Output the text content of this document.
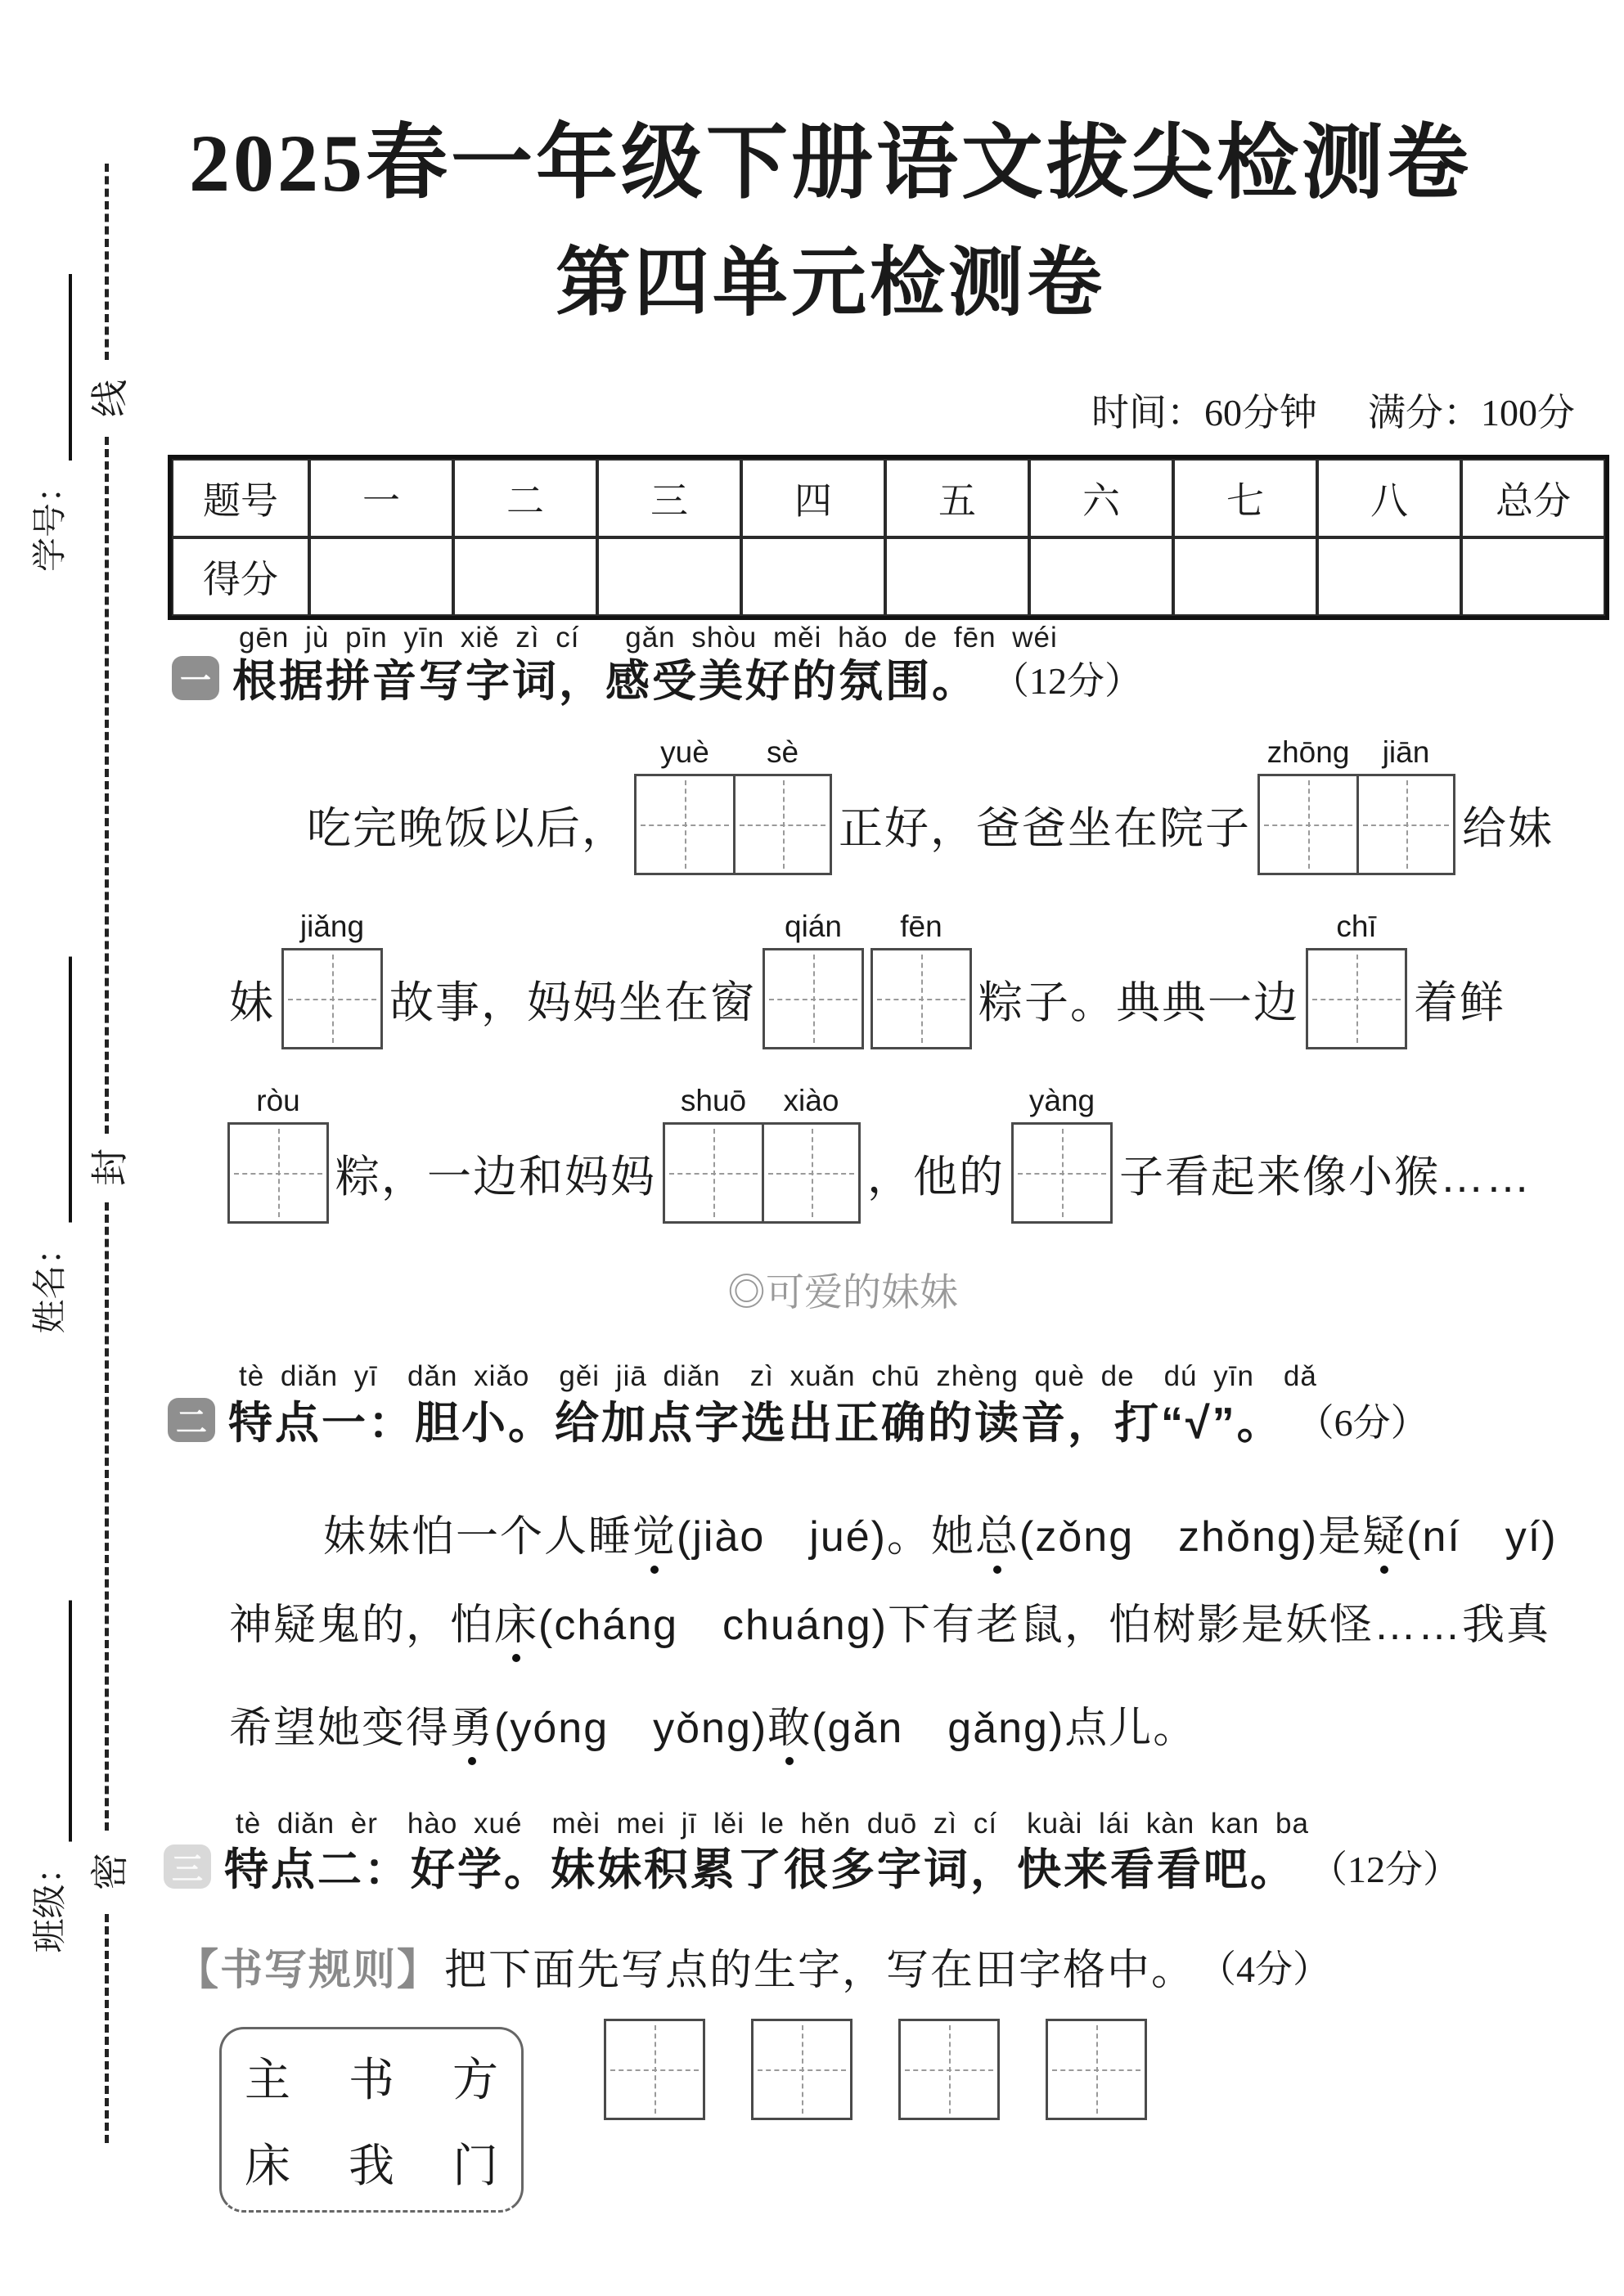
线
封
密
学号：
姓名：
班级：
2025春一年级下册语文拔尖检测卷
第四单元检测卷
时间：60分钟 满分：100分
题号	一	二	三	四	五	六	七	八	总分
得分
gēn jù pīn yīn xiě zì cí　 gǎn shòu měi hǎo de fēn wéi
一 根据拼音写字词，感受美好的氛围。 （12分）
吃完晚饭以后，
yuè sè
正好，爸爸坐在院子
zhōng jiān
给妹
妹
jiǎng
故事，妈妈坐在窗
qián fēn
粽子。典典一边
chī
着鲜
ròu
粽，一边和妈妈
shuō xiào
，他的
yàng
子看起来像小猴……
◎可爱的妹妹
tè diǎn yī　dǎn xiǎo　gěi jiā diǎn　zì xuǎn chū zhèng què de　dú yīn　dǎ
二 特点一：胆小。给加点字选出正确的读音，打“√”。 （6分）
妹妹怕一个人睡觉(jiào　jué)。她总(zǒng　zhǒng)是疑(ní　yí)
神疑鬼的，怕床(cháng　chuáng)下有老鼠，怕树影是妖怪……我真
希望她变得勇(yóng　yǒng)敢(gǎn　gǎng)点儿。
tè diǎn èr　hào xué　mèi mei jī lěi le hěn duō zì cí　kuài lái kàn kan ba
三 特点二：好学。妹妹积累了很多字词，快来看看吧。 （12分）
【书写规则】 把下面先写点的生字，写在田字格中。 （4分）
主 书 方
床 我 门
